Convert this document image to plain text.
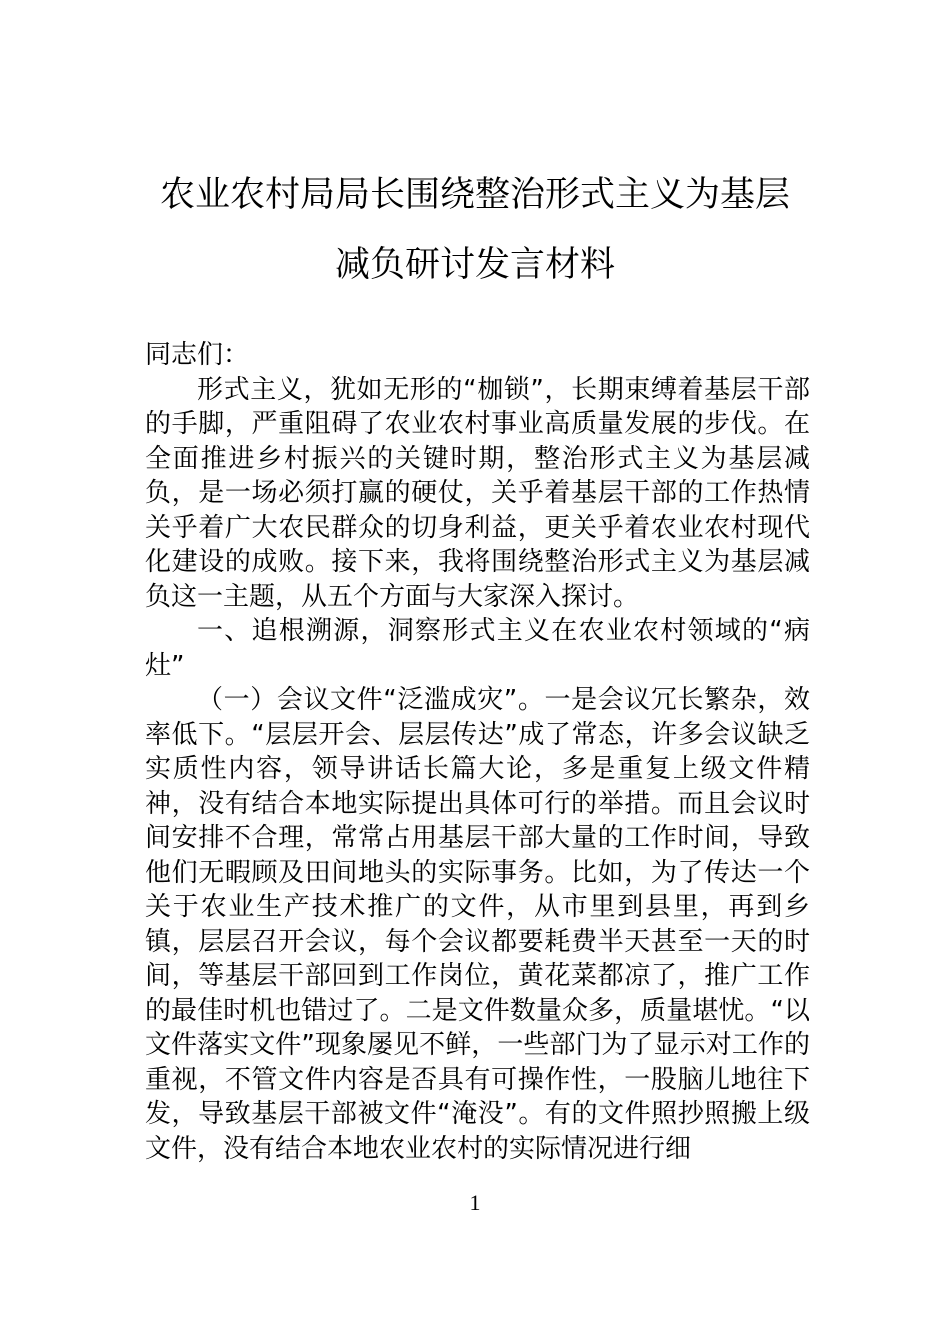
农业农村局局长围绕整治形式主义为基层
减负研讨发言材料

同志们：

形式主义，犹如无形的“枷锁”，长期束缚着基层干部的手脚，严重阻碍了农业农村事业高质量发展的步伐。在全面推进乡村振兴的关键时期，整治形式主义为基层减负，是一场必须打赢的硬仗，关乎着基层干部的工作热情关乎着广大农民群众的切身利益，更关乎着农业农村现代化建设的成败。接下来，我将围绕整治形式主义为基层减负这一主题，从五个方面与大家深入探讨。

一、追根溯源，洞察形式主义在农业农村领域的“病灶”

（一）会议文件“泛滥成灾”。一是会议冗长繁杂，效率低下。“层层开会、层层传达”成了常态，许多会议缺乏实质性内容，领导讲话长篇大论，多是重复上级文件精神，没有结合本地实际提出具体可行的举措。而且会议时间安排不合理，常常占用基层干部大量的工作时间，导致他们无暇顾及田间地头的实际事务。比如，为了传达一个关于农业生产技术推广的文件，从市里到县里，再到乡镇，层层召开会议，每个会议都要耗费半天甚至一天的时间，等基层干部回到工作岗位，黄花菜都凉了，推广工作的最佳时机也错过了。二是文件数量众多，质量堪忧。“以文件落实文件”现象屡见不鲜，一些部门为了显示对工作的重视，不管文件内容是否具有可操作性，一股脑儿地往下发，导致基层干部被文件“淹没”。有的文件照抄照搬上级文件，没有结合本地农业农村的实际情况进行细

1
